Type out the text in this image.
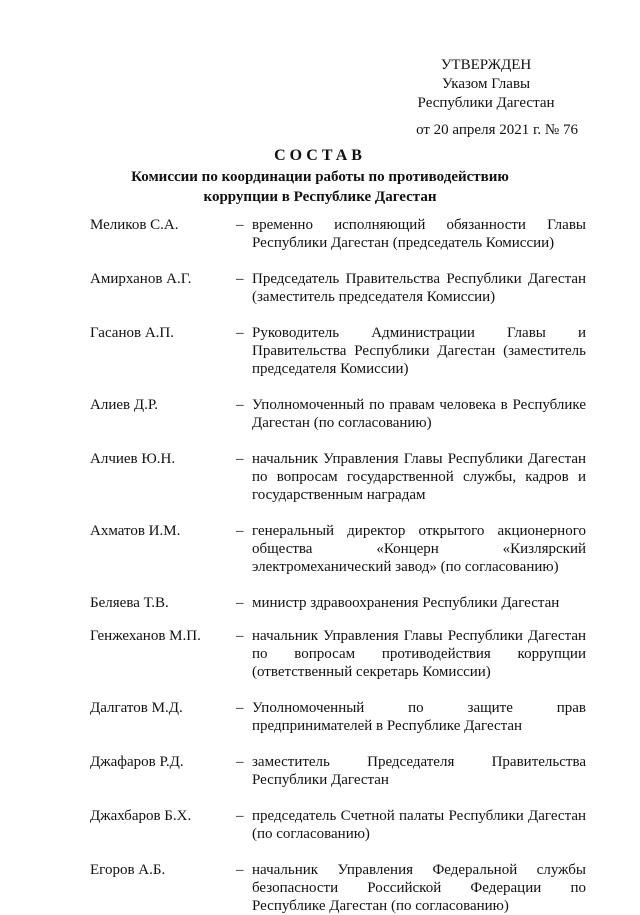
УТВЕРЖДЕН
Указом Главы
Республики Дагестан
от 20 апреля 2021 г. № 76
СОСТАВ
Комиссии по координации работы по противодействию
коррупции в Республике Дагестан
Меликов С.А.	– временно исполняющий обязанности Главы Республики Дагестан (председатель Комиссии)
Амирханов А.Г.	– Председатель Правительства Республики Дагестан (заместитель председателя Комиссии)
Гасанов А.П.	– Руководитель Администрации Главы и Правительства Республики Дагестан (заместитель председателя Комиссии)
Алиев Д.Р.	– Уполномоченный по правам человека в Республике Дагестан (по согласованию)
Алчиев Ю.Н.	– начальник Управления Главы Республики Дагестан по вопросам государственной службы, кадров и государственным наградам
Ахматов И.М.	– генеральный директор открытого акционерного общества «Концерн «Кизлярский электромеханический завод» (по согласованию)
Беляева Т.В.	– министр здравоохранения Республики Дагестан
Генжеханов М.П.	– начальник Управления Главы Республики Дагестан по вопросам противодействия коррупции (ответственный секретарь Комиссии)
Далгатов М.Д.	– Уполномоченный по защите прав предпринимателей в Республике Дагестан
Джафаров Р.Д.	– заместитель Председателя Правительства Республики Дагестан
Джахбаров Б.Х.	– председатель Счетной палаты Республики Дагестан (по согласованию)
Егоров А.Б.	– начальник Управления Федеральной службы безопасности Российской Федерации по Республике Дагестан (по согласованию)
